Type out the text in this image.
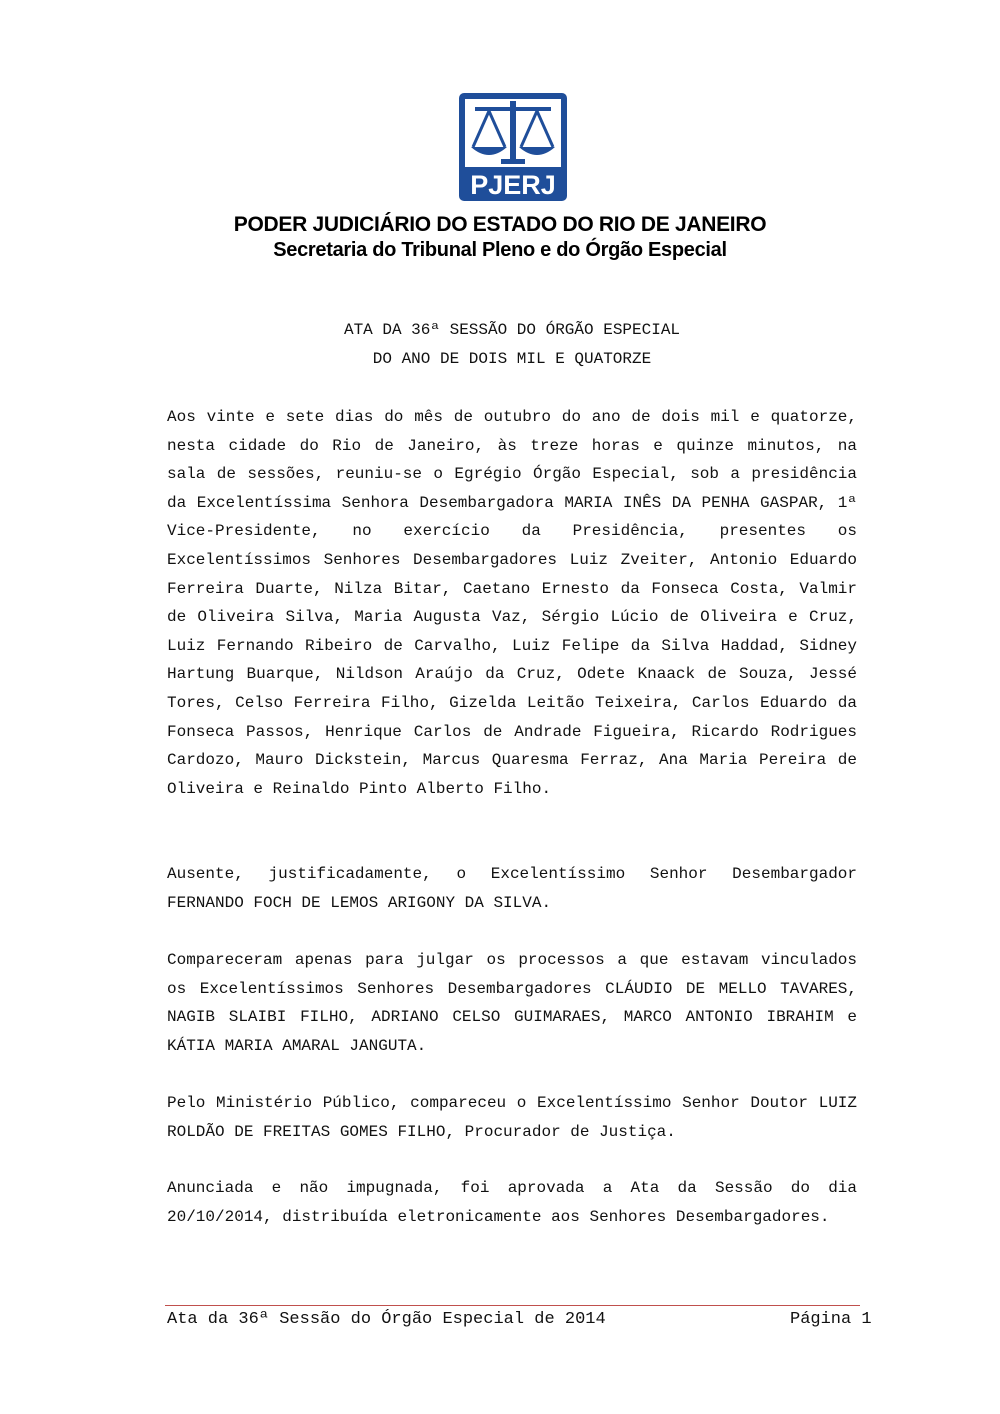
PJERJ
PODER JUDICIÁRIO DO ESTADO DO RIO DE JANEIRO
Secretaria do Tribunal Pleno e do Órgão Especial
ATA DA 36ª SESSÃO DO ÓRGÃO ESPECIAL
DO ANO DE DOIS MIL E QUATORZE

Aos vinte e sete dias do mês de outubro do ano de dois mil e quatorze, nesta cidade do Rio de Janeiro, às treze horas e quinze minutos, na sala de sessões, reuniu-se o Egrégio Órgão Especial, sob a presidência da Excelentíssima Senhora Desembargadora MARIA INÊS DA PENHA GASPAR, 1ª Vice-Presidente, no exercício da Presidência, presentes os Excelentíssimos Senhores Desembargadores Luiz Zveiter, Antonio Eduardo Ferreira Duarte, Nilza Bitar, Caetano Ernesto da Fonseca Costa, Valmir de Oliveira Silva, Maria Augusta Vaz, Sérgio Lúcio de Oliveira e Cruz, Luiz Fernando Ribeiro de Carvalho, Luiz Felipe da Silva Haddad, Sidney Hartung Buarque, Nildson Araújo da Cruz, Odete Knaack de Souza, Jessé Tores, Celso Ferreira Filho, Gizelda Leitão Teixeira, Carlos Eduardo da Fonseca Passos, Henrique Carlos de Andrade Figueira, Ricardo Rodrigues Cardozo, Mauro Dickstein, Marcus Quaresma Ferraz, Ana Maria Pereira de Oliveira e Reinaldo Pinto Alberto Filho.

Ausente, justificadamente, o Excelentíssimo Senhor Desembargador FERNANDO FOCH DE LEMOS ARIGONY DA SILVA.

Compareceram apenas para julgar os processos a que estavam vinculados os Excelentíssimos Senhores Desembargadores CLÁUDIO DE MELLO TAVARES, NAGIB SLAIBI FILHO, ADRIANO CELSO GUIMARAES, MARCO ANTONIO IBRAHIM e KÁTIA MARIA AMARAL JANGUTA.

Pelo Ministério Público, compareceu o Excelentíssimo Senhor Doutor LUIZ ROLDÃO DE FREITAS GOMES FILHO, Procurador de Justiça.

Anunciada e não impugnada, foi aprovada a Ata da Sessão do dia 20/10/2014, distribuída eletronicamente aos Senhores Desembargadores.

Ata da 36ª Sessão do Órgão Especial de 2014	Página 1
